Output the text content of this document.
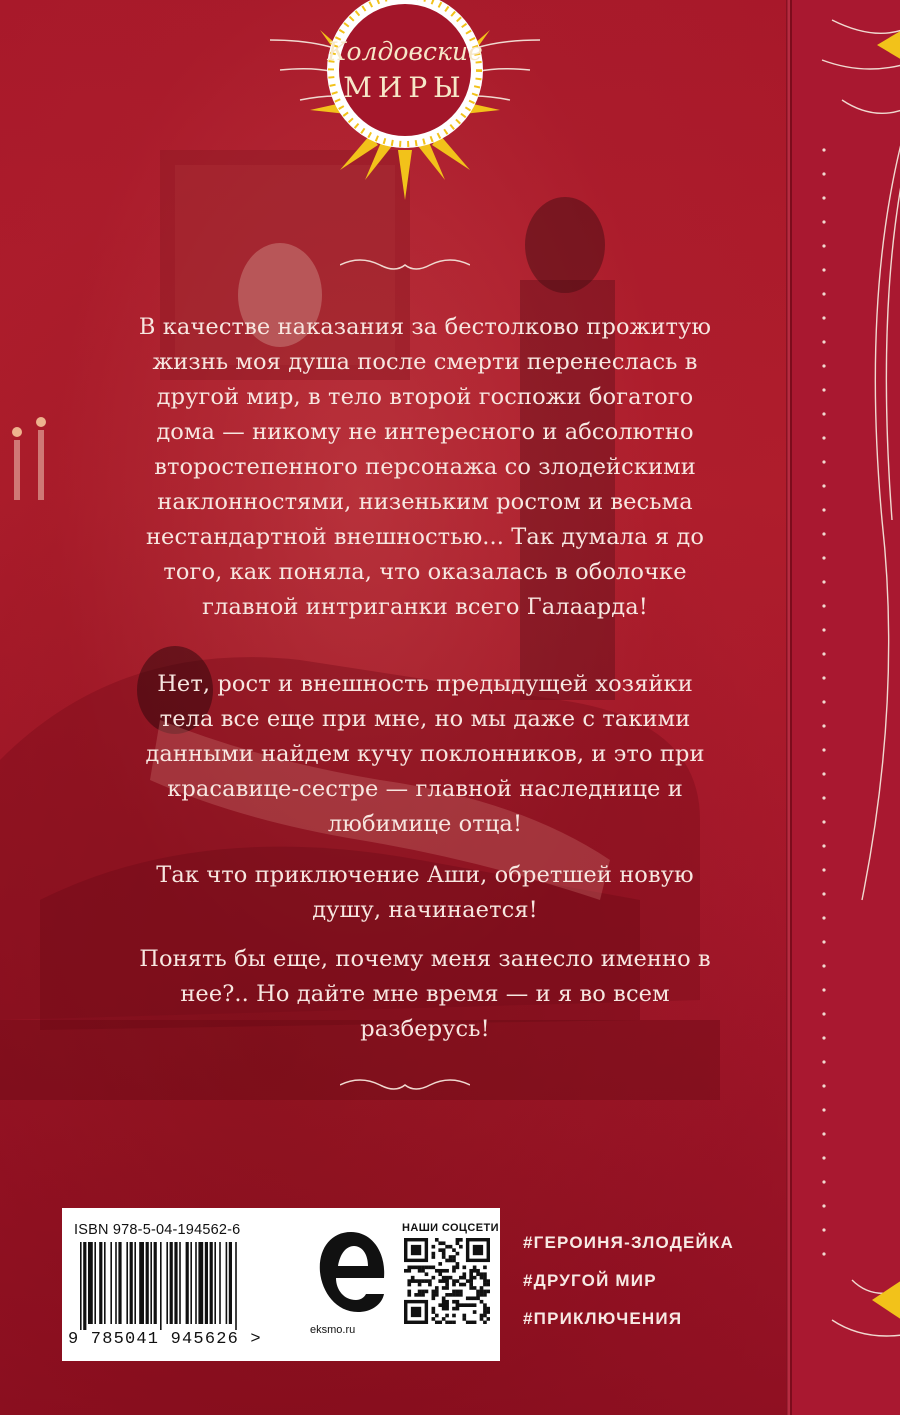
Колдовские
МИРЫ

В качестве наказания за бестолково прожитую жизнь моя душа после смерти перенеслась в другой мир, в тело второй госпожи богатого дома — никому не интересного и абсолютно второстепенного персонажа со злодейскими наклонностями, низеньким ростом и весьма нестандартной внешностью... Так думала я до того, как поняла, что оказалась в оболочке главной интриганки всего Галаарда!

Нет, рост и внешность предыдущей хозяйки тела все еще при мне, но мы даже с такими данными найдем кучу поклонников, и это при красавице-сестре — главной наследнице и любимице отца!

Так что приключение Аши, обретшей новую душу, начинается!

Понять бы еще, почему меня занесло именно в нее?.. Но дайте мне время — и я во всем разберусь!

ISBN 978-5-04-194562-6
9 785041 945626 >	eksmo.ru
НАШИ СОЦСЕТИ
#ГЕРОИНЯ-ЗЛОДЕЙКА
#ДРУГОЙ МИР
#ПРИКЛЮЧЕНИЯ
